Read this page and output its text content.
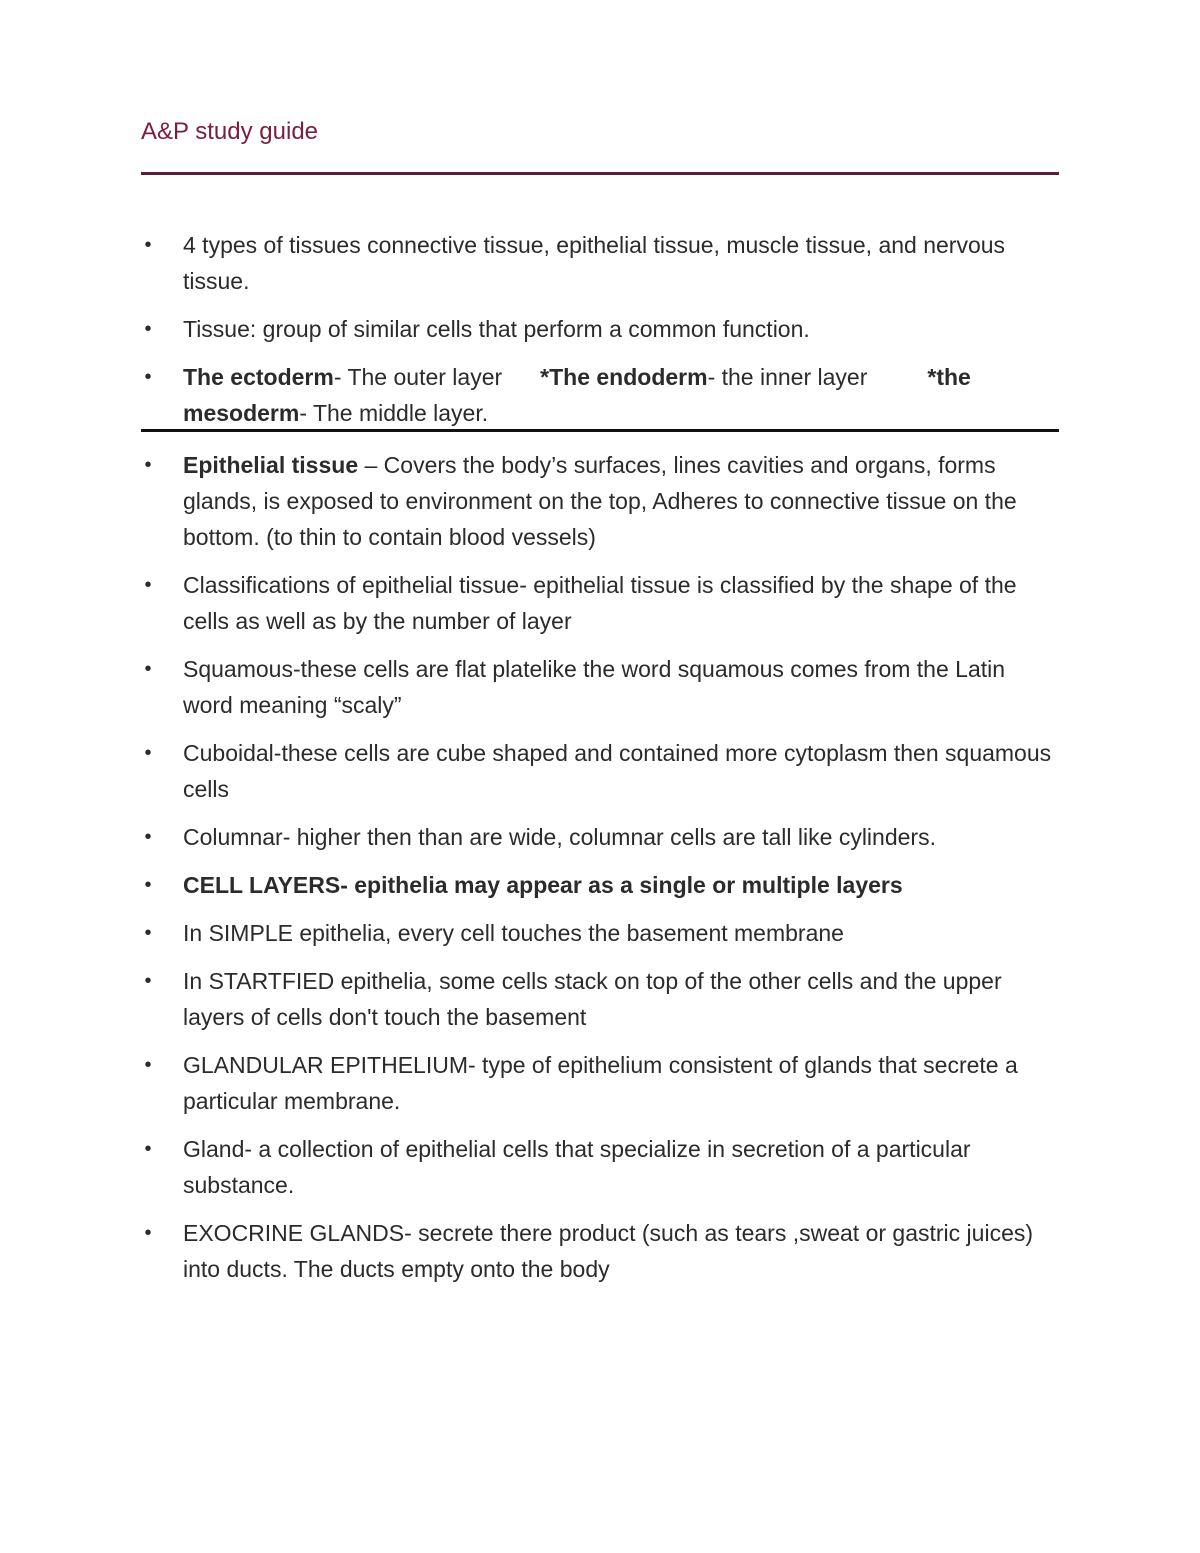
A&P study guide
• 4 types of tissues connective tissue, epithelial tissue, muscle tissue, and nervous tissue.
• Tissue: group of similar cells that perform a common function.
• The ectoderm- The outer layer *The endoderm- the inner layer	*the mesoderm- The middle layer.
• Epithelial tissue – Covers the body’s surfaces, lines cavities and organs, forms glands, is exposed to environment on the top, Adheres to connective tissue on the bottom. (to thin to contain blood vessels)
• Classifications of epithelial tissue- epithelial tissue is classified by the shape of the cells as well as by the number of layer
• Squamous-these cells are flat platelike the word squamous comes from the Latin word meaning “scaly”
• Cuboidal-these cells are cube shaped and contained more cytoplasm then squamous cells
• Columnar- higher then than are wide, columnar cells are tall like cylinders.
• CELL LAYERS- epithelia may appear as a single or multiple layers
• In SIMPLE epithelia, every cell touches the basement membrane
• In STARTFIED epithelia, some cells stack on top of the other cells and the upper layers of cells don't touch the basement
• GLANDULAR EPITHELIUM- type of epithelium consistent of glands that secrete a particular membrane.
• Gland- a collection of epithelial cells that specialize in secretion of a particular substance.
• EXOCRINE GLANDS- secrete there product (such as tears ,sweat or gastric juices) into ducts. The ducts empty onto the body
